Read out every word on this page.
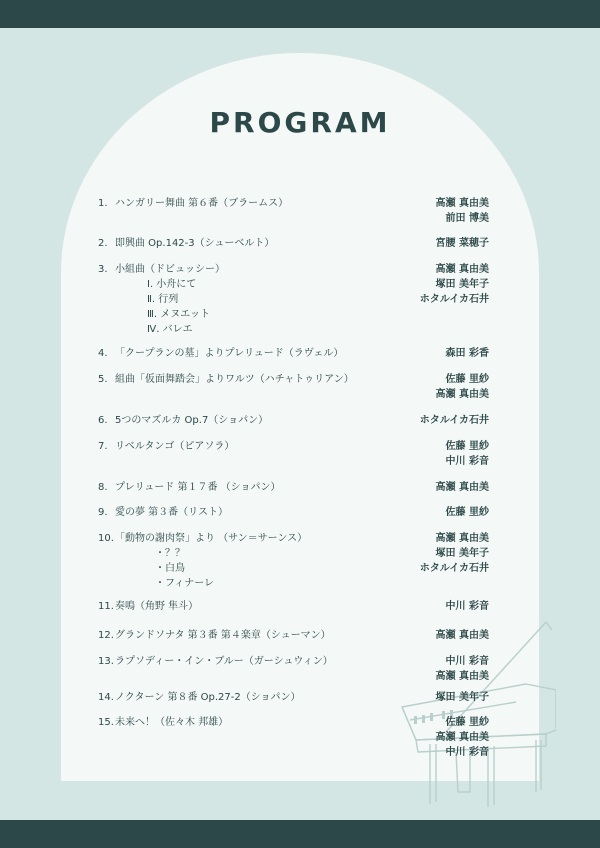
PROGRAM
1. ハンガリー舞曲 第６番（ブラームス）	高瀬 真由美
前田 博美
2. 即興曲 Op.142-3（シューベルト）	宮腰 菜穂子
3. 小組曲（ドビュッシー）	高瀬 真由美
Ⅰ. 小舟にて	塚田 美年子
Ⅱ. 行列	ホタルイカ石井
Ⅲ. メヌエット
Ⅳ. バレエ
4. 「クープランの墓」よりプレリュード（ラヴェル）	森田 彩香
5. 組曲「仮面舞踏会」よりワルツ（ハチャトゥリアン）	佐藤 里紗
高瀬 真由美
6. 5つのマズルカ Op.7（ショパン）	ホタルイカ石井
7. リベルタンゴ（ピアソラ）	佐藤 里紗
中川 彩音
8. プレリュード 第１７番 （ショパン）	高瀬 真由美
9. 愛の夢 第３番（リスト）	佐藤 里紗
10. 「動物の謝肉祭」より （サン＝サーンス）	高瀬 真由美
・？？	塚田 美年子
・白鳥	ホタルイカ石井
・フィナーレ
11. 奏鳴（角野 隼斗）	中川 彩音
12. グランドソナタ 第３番 第４楽章（シューマン）	高瀬 真由美
13. ラプソディー・イン・ブルー（ガーシュウィン）	中川 彩音
高瀬 真由美
14. ノクターン 第８番 Op.27-2（ショパン）	塚田 美年子
15. 未来へ！（佐々木 邦雄）	佐藤 里紗
高瀬 真由美
中川 彩音
